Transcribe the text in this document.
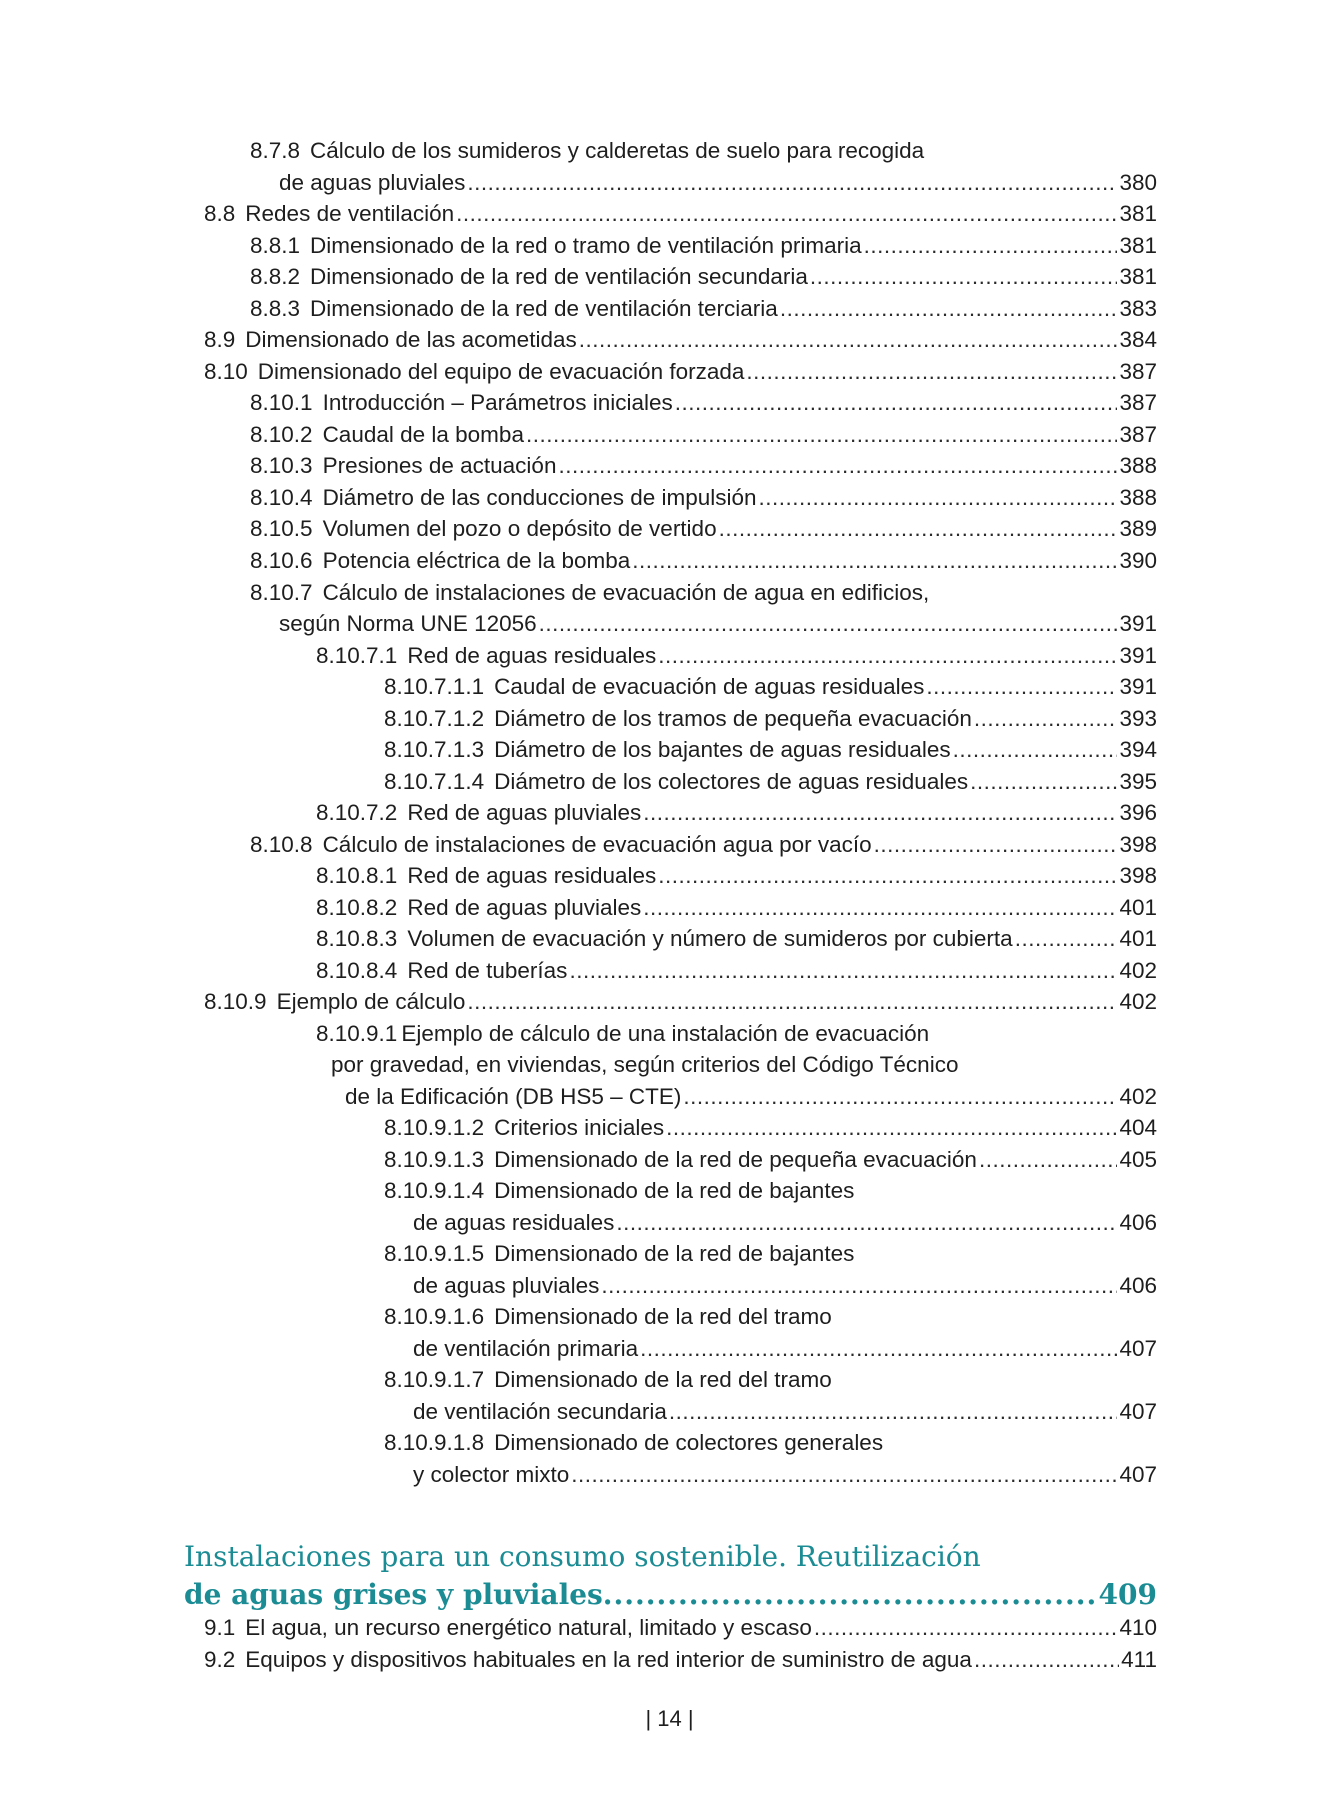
8.7.8 Cálculo de los sumideros y calderetas de suelo para recogida
de aguas pluviales .....	380
8.8 Redes de ventilación .....	381
8.8.1 Dimensionado de la red o tramo de ventilación primaria .....	381
8.8.2 Dimensionado de la red de ventilación secundaria .....	381
8.8.3 Dimensionado de la red de ventilación terciaria .....	383
8.9 Dimensionado de las acometidas .....	384
8.10 Dimensionado del equipo de evacuación forzada .....	387
8.10.1 Introducción – Parámetros iniciales .....	387
8.10.2 Caudal de la bomba .....	387
8.10.3 Presiones de actuación .....	388
8.10.4 Diámetro de las conducciones de impulsión .....	388
8.10.5 Volumen del pozo o depósito de vertido .....	389
8.10.6 Potencia eléctrica de la bomba .....	390
8.10.7 Cálculo de instalaciones de evacuación de agua en edificios,
según Norma UNE 12056 .....	391
8.10.7.1 Red de aguas residuales .....	391
8.10.7.1.1 Caudal de evacuación de aguas residuales .....	391
8.10.7.1.2 Diámetro de los tramos de pequeña evacuación .....	393
8.10.7.1.3 Diámetro de los bajantes de aguas residuales .....	394
8.10.7.1.4 Diámetro de los colectores de aguas residuales .....	395
8.10.7.2 Red de aguas pluviales .....	396
8.10.8 Cálculo de instalaciones de evacuación agua por vacío .....	398
8.10.8.1 Red de aguas residuales .....	398
8.10.8.2 Red de aguas pluviales .....	401
8.10.8.3 Volumen de evacuación y número de sumideros por cubierta .....	401
8.10.8.4 Red de tuberías .....	402
8.10.9 Ejemplo de cálculo .....	402
8.10.9.1 Ejemplo de cálculo de una instalación de evacuación
por gravedad, en viviendas, según criterios del Código Técnico
de la Edificación (DB HS5 – CTE) .....	402
8.10.9.1.2 Criterios iniciales .....	404
8.10.9.1.3 Dimensionado de la red de pequeña evacuación .....	405
8.10.9.1.4 Dimensionado de la red de bajantes
de aguas residuales .....	406
8.10.9.1.5 Dimensionado de la red de bajantes
de aguas pluviales .....	406
8.10.9.1.6 Dimensionado de la red del tramo
de ventilación primaria .....	407
8.10.9.1.7 Dimensionado de la red del tramo
de ventilación secundaria .....	407
8.10.9.1.8 Dimensionado de colectores generales
y colector mixto .....	407
Instalaciones para un consumo sostenible. Reutilización
de aguas grises y pluviales .....	409
9.1 El agua, un recurso energético natural, limitado y escaso .....	410
9.2 Equipos y dispositivos habituales en la red interior de suministro de agua .....	411
| 14 |
